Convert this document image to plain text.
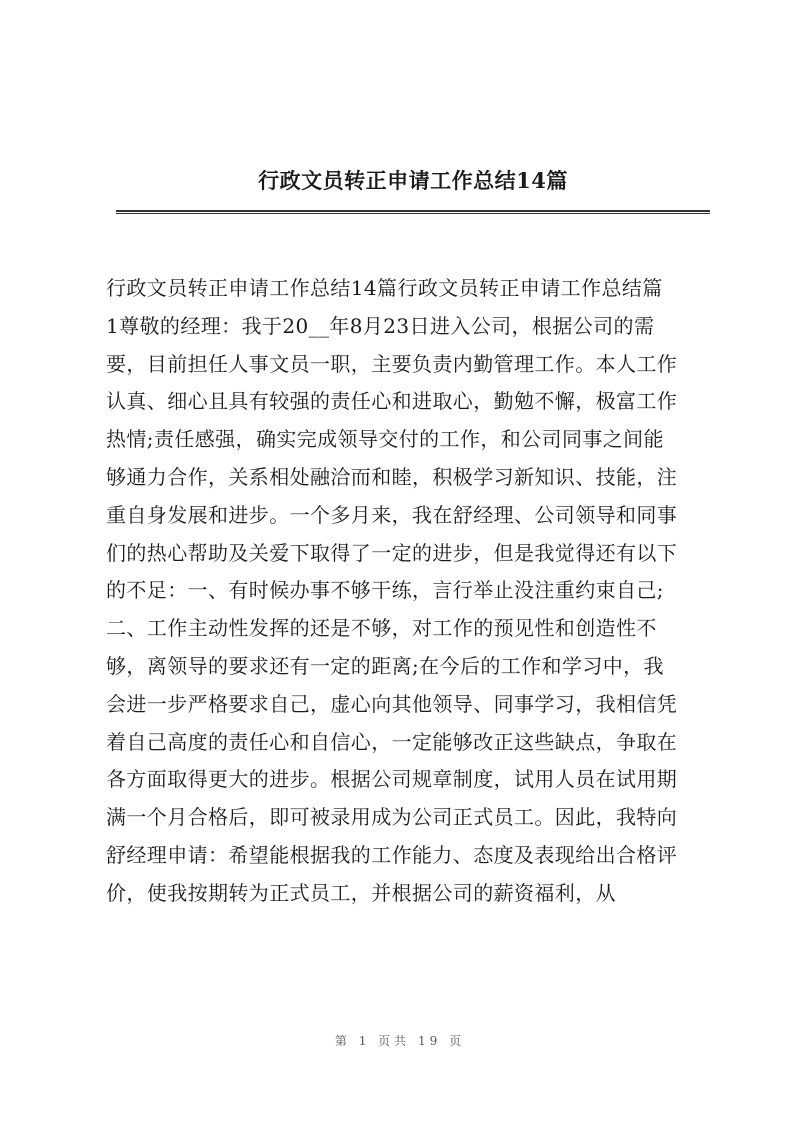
行政文员转正申请工作总结14篇
行政文员转正申请工作总结14篇行政文员转正申请工作总结篇
1尊敬的经理：我于20__年8月23日进入公司，根据公司的需
要，目前担任人事文员一职，主要负责内勤管理工作。本人工作
认真、细心且具有较强的责任心和进取心，勤勉不懈，极富工作
热情;责任感强，确实完成领导交付的工作，和公司同事之间能
够通力合作，关系相处融洽而和睦，积极学习新知识、技能，注
重自身发展和进步。一个多月来，我在舒经理、公司领导和同事
们的热心帮助及关爱下取得了一定的进步，但是我觉得还有以下
的不足：一、有时候办事不够干练，言行举止没注重约束自己;
二、工作主动性发挥的还是不够，对工作的预见性和创造性不
够，离领导的要求还有一定的距离;在今后的工作和学习中，我
会进一步严格要求自己，虚心向其他领导、同事学习，我相信凭
着自己高度的责任心和自信心，一定能够改正这些缺点，争取在
各方面取得更大的进步。根据公司规章制度，试用人员在试用期
满一个月合格后，即可被录用成为公司正式员工。因此，我特向
舒经理申请：希望能根据我的工作能力、态度及表现给出合格评
价，使我按期转为正式员工，并根据公司的薪资福利，从
第 1 页共 19 页
